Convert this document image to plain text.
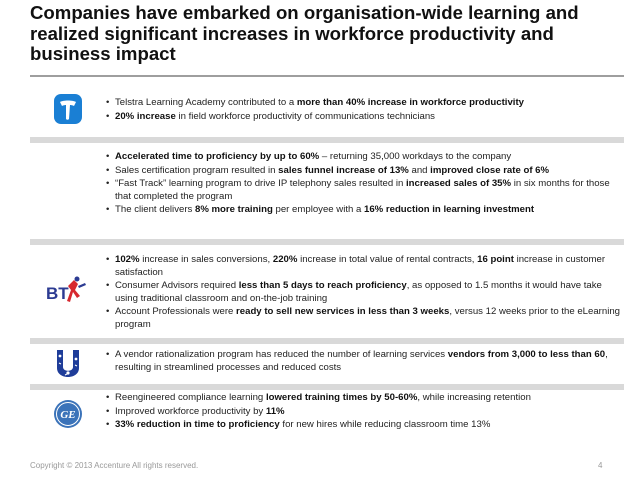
Companies have embarked on organisation-wide learning and realized significant increases in workforce productivity and business impact
• Telstra Learning Academy contributed to a more than 40% increase in workforce productivity
• 20% increase in field workforce productivity of communications technicians
• Accelerated time to proficiency by up to 60% – returning 35,000 workdays to the company
• Sales certification program resulted in sales funnel increase of 13% and improved close rate of 6%
• “Fast Track” learning program to drive IP telephony sales resulted in increased sales of 35% in six months for those that completed the program
• The client delivers 8% more training per employee with a 16% reduction in learning investment
BT
• 102% increase in sales conversions, 220% increase in total value of rental contracts, 16 point increase in customer satisfaction
• Consumer Advisors required less than 5 days to reach proficiency, as opposed to 1.5 months it would have take using traditional classroom and on-the-job training
• Account Professionals were ready to sell new services in less than 3 weeks, versus 12 weeks prior to the eLearning program
• A vendor rationalization program has reduced the number of learning services vendors from 3,000 to less than 60, resulting in streamlined processes and reduced costs
GE
• Reengineered compliance learning lowered training times by 50-60%, while increasing retention
• Improved workforce productivity by 11%
• 33% reduction in time to proficiency for new hires while reducing classroom time 13%
Copyright © 2013 Accenture All rights reserved.	4
